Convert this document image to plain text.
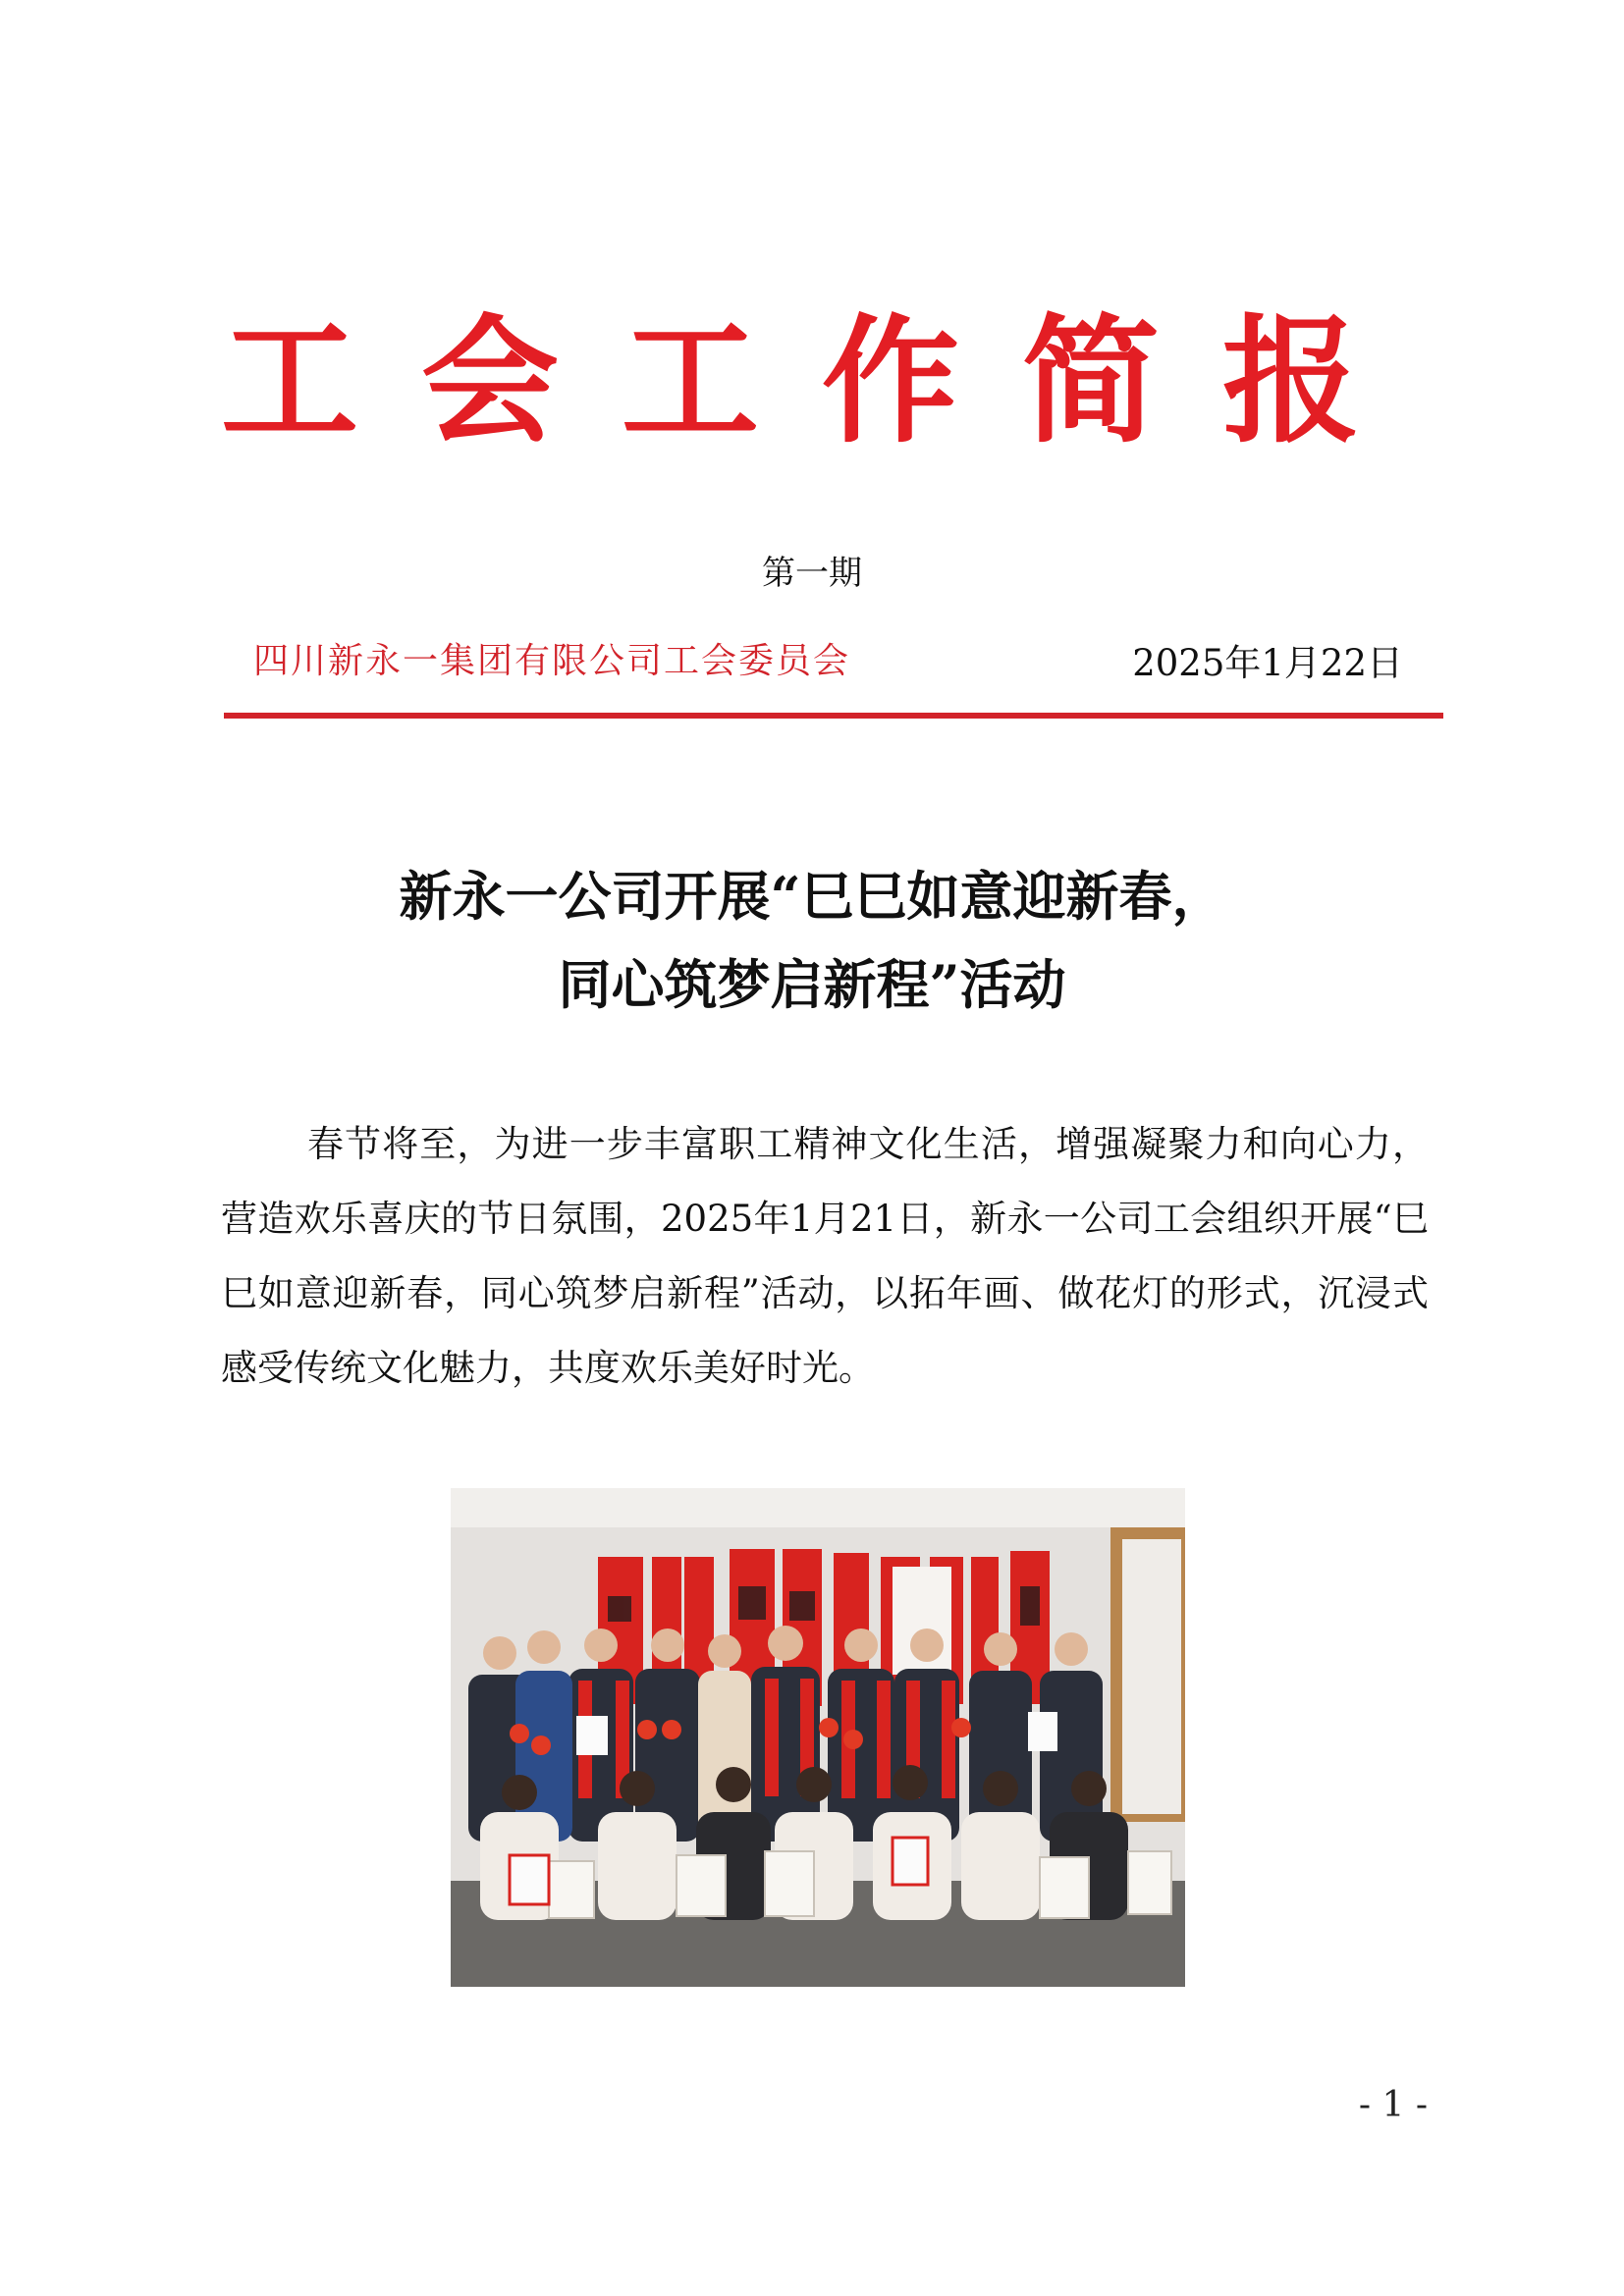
工 会 工 作 简 报
第一期
四川新永一集团有限公司工会委员会	2025年1月22日
新永一公司开展“巳巳如意迎新春，
同心筑梦启新程”活动

春节将至，为进一步丰富职工精神文化生活，增强凝聚力和向心力，营造欢乐喜庆的节日氛围，2025年1月21日，新永一公司工会组织开展“巳巳如意迎新春，同心筑梦启新程”活动，以拓年画、做花灯的形式，沉浸式感受传统文化魅力，共度欢乐美好时光。

- 1 -
